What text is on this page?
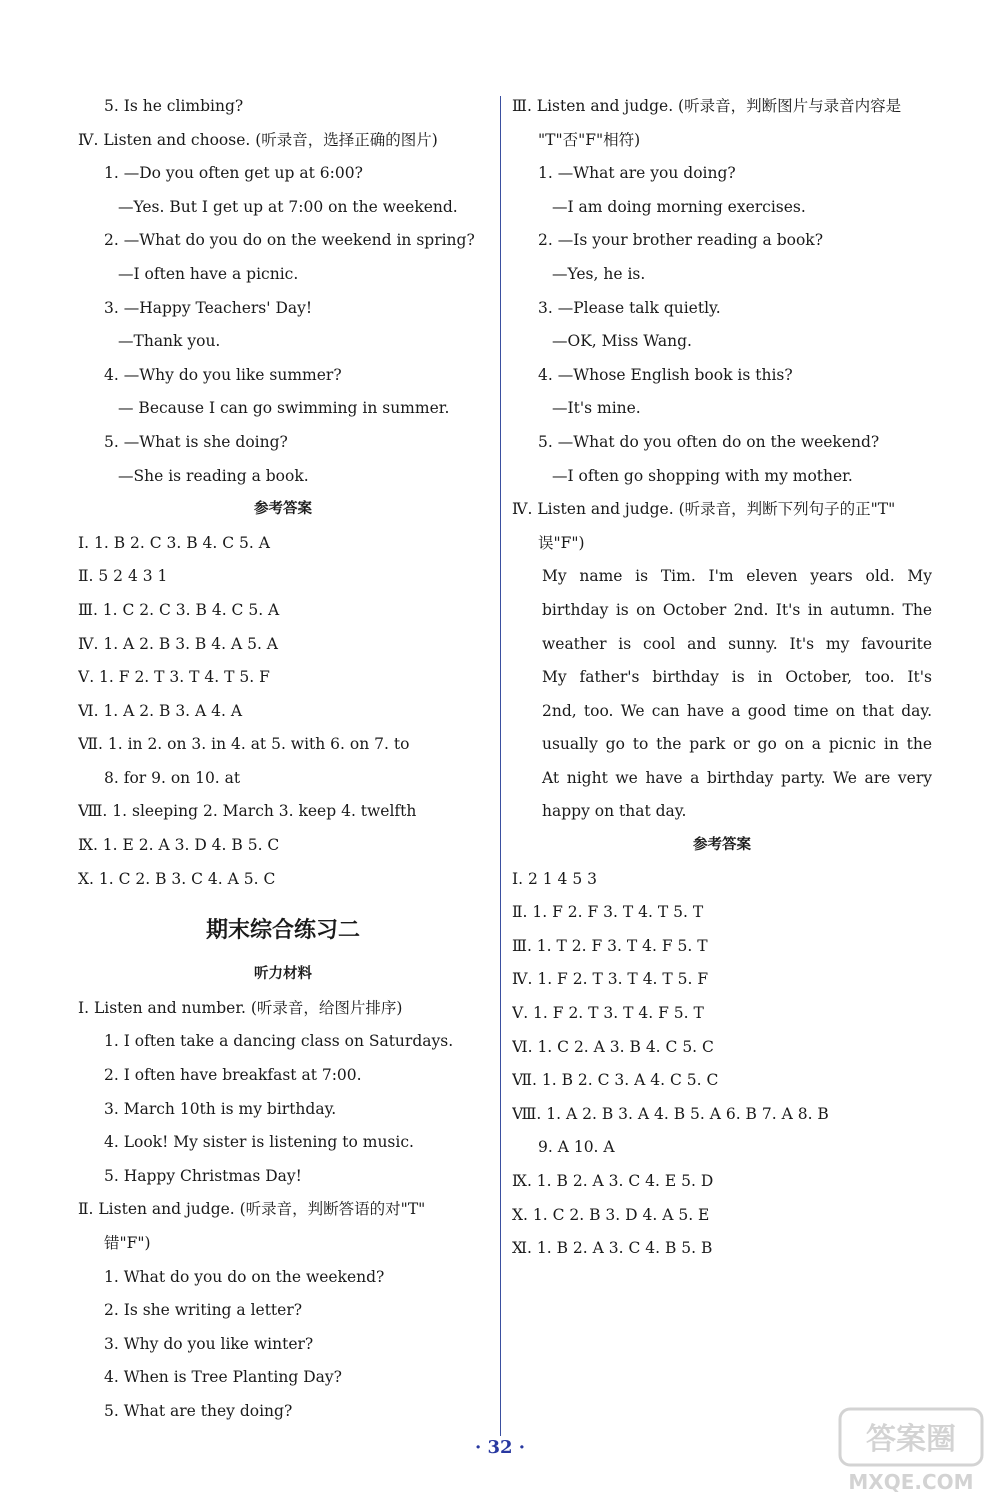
5. Is he climbing?
Ⅳ. Listen and choose. (听录音，选择正确的图片)
1. —Do you often get up at 6:00?
—Yes. But I get up at 7:00 on the weekend.
2. —What do you do on the weekend in spring?
—I often have a picnic.
3. —Happy Teachers' Day!
—Thank you.
4. —Why do you like summer?
— Because I can go swimming in summer.
5. —What is she doing?
—She is reading a book.
参考答案
Ⅰ. 1. B 2. C 3. B 4. C 5. A
Ⅱ. 5 2 4 3 1
Ⅲ. 1. C 2. C 3. B 4. C 5. A
Ⅳ. 1. A 2. B 3. B 4. A 5. A
Ⅴ. 1. F 2. T 3. T 4. T 5. F
Ⅵ. 1. A 2. B 3. A 4. A
Ⅶ. 1. in 2. on 3. in 4. at 5. with 6. on 7. to
8. for 9. on 10. at
Ⅷ. 1. sleeping 2. March 3. keep 4. twelfth
Ⅸ. 1. E 2. A 3. D 4. B 5. C
Ⅹ. 1. C 2. B 3. C 4. A 5. C
期末综合练习二
听力材料
Ⅰ. Listen and number. (听录音，给图片排序)
1. I often take a dancing class on Saturdays.
2. I often have breakfast at 7:00.
3. March 10th is my birthday.
4. Look! My sister is listening to music.
5. Happy Christmas Day!
Ⅱ. Listen and judge. (听录音，判断答语的对"T"
错"F")
1. What do you do on the weekend?
2. Is she writing a letter?
3. Why do you like winter?
4. When is Tree Planting Day?
5. What are they doing?
Ⅲ. Listen and judge. (听录音，判断图片与录音内容是
"T"否"F"相符)
1. —What are you doing?
—I am doing morning exercises.
2. —Is your brother reading a book?
—Yes, he is.
3. —Please talk quietly.
—OK, Miss Wang.
4. —Whose English book is this?
—It's mine.
5. —What do you often do on the weekend?
—I often go shopping with my mother.
Ⅳ. Listen and judge. (听录音，判断下列句子的正"T"
误"F")
My name is Tim. I'm eleven years old. My
birthday is on October 2nd. It's in autumn. The
weather is cool and sunny. It's my favourite
My father's birthday is in October, too. It's
2nd, too. We can have a good time on that day.
usually go to the park or go on a picnic in the
At night we have a birthday party. We are very
happy on that day.
参考答案
Ⅰ. 2 1 4 5 3
Ⅱ. 1. F 2. F 3. T 4. T 5. T
Ⅲ. 1. T 2. F 3. T 4. F 5. T
Ⅳ. 1. F 2. T 3. T 4. T 5. F
Ⅴ. 1. F 2. T 3. T 4. F 5. T
Ⅵ. 1. C 2. A 3. B 4. C 5. C
Ⅶ. 1. B 2. C 3. A 4. C 5. C
Ⅷ. 1. A 2. B 3. A 4. B 5. A 6. B 7. A 8. B
9. A 10. A
Ⅸ. 1. B 2. A 3. C 4. E 5. D
Ⅹ. 1. C 2. B 3. D 4. A 5. E
Ⅺ. 1. B 2. A 3. C 4. B 5. B
· 32 ·	答案圈
MXQE.COM
